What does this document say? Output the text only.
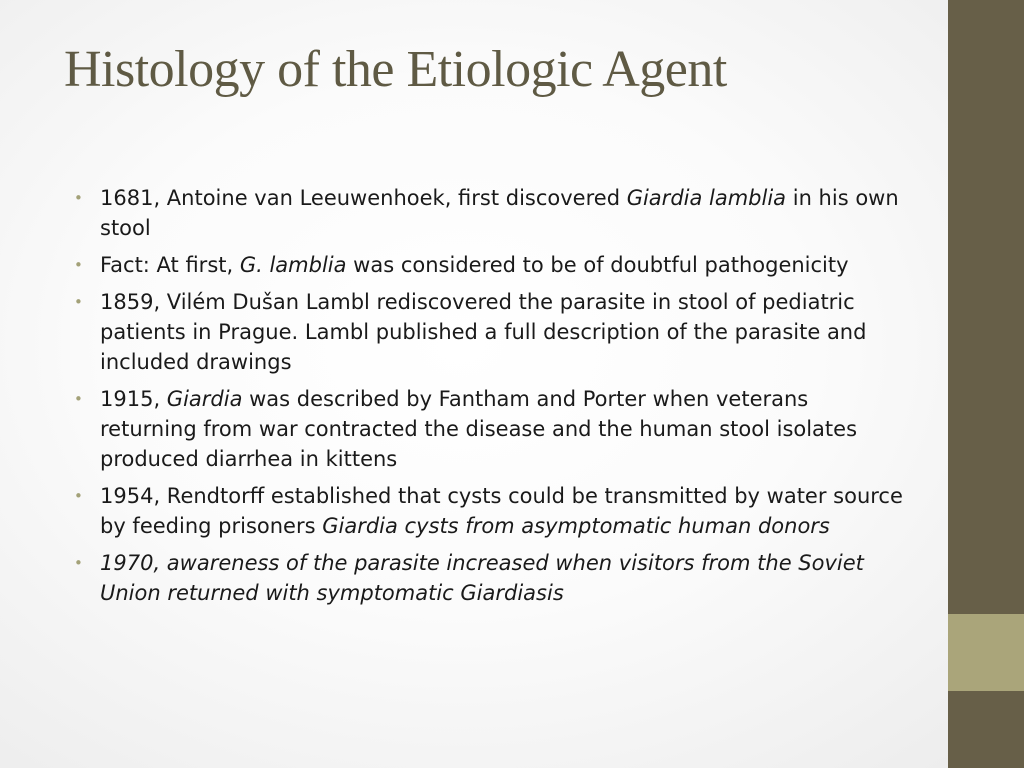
Histology of the Etiologic Agent
• 1681, Antoine van Leeuwenhoek, first discovered Giardia lamblia in his own stool
• Fact: At first, G. lamblia was considered to be of doubtful pathogenicity
• 1859, Vilém Dušan Lambl rediscovered the parasite in stool of pediatric patients in Prague. Lambl published a full description of the parasite and included drawings
• 1915, Giardia was described by Fantham and Porter when veterans returning from war contracted the disease and the human stool isolates produced diarrhea in kittens
• 1954, Rendtorff established that cysts could be transmitted by water source by feeding prisoners Giardia cysts from asymptomatic human donors
• 1970, awareness of the parasite increased when visitors from the Soviet Union returned with symptomatic Giardiasis
